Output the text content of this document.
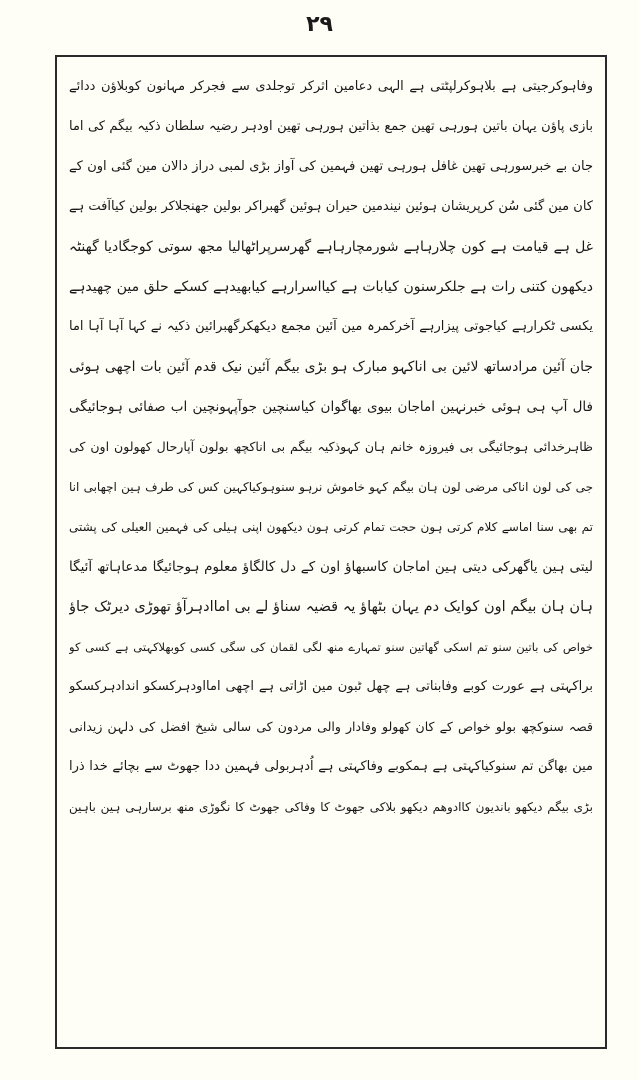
۲۹
وفاہوکرجیتی ہے بلاہوکرلپٹتی ہے الہی دعامین اثرکر توجلدی سے فجرکر مہانون کوبلاؤن ددائے
بازی پاؤن یہان باتین ہورہی تھین جمع بذاتین ہورہی تھین اودہر رضیہ سلطان ذکیہ بیگم کی اما
جان بے خبرسورہی تھین غافل ہورہی تھین فہمین کی آواز بڑی لمبی دراز دالان مین گئی اون کے
کان مین گئی سُن کرپریشان ہوئین نیندمین حیران ہوئین گھبراکر بولین جھنجلاکر بولین کیاآفت ہے
غل ہے قیامت ہے کون چلارہاہے شورمچارہاہے گھرسرپراٹھالیا مجھ سوتی کوجگادیا گھنٹہ
دیکھون کتنی رات ہے جلکرسنون کیابات ہے کیااسرارہے کیابھیدہے کسکے حلق مین چھیدہے
یکسی ٹکرارہے کیاجوتی پیزارہے آخرکمرہ مین آئین مجمع دیکھکرگھبرائین ذکیہ نے کہا آہا آہا اما
جان آئین مرادساتھ لائین بی اناکہو مبارک ہو بڑی بیگم آئین نیک قدم آئین بات اچھی ہوئی
فال آپ ہی ہوئی خبرنہین اماجان بیوی بھاگوان کیاسنچین جوآپہونچین اب صفائی ہوجائیگی
ظاہرخدائی ہوجائیگی بی فیروزہ خانم ہان کہوذکیہ بیگم بی اناکچھ بولون آپارحال کھولون اون کی
جی کی لون اناکی مرضی لون ہان بیگم کہو خاموش نرہو سنوہوکیاکہین کس کی طرف ہین اچھابی انا
تم بھی سنا اماسے کلام کرتی ہون حجت تمام کرتی ہون دیکھون اپنی ہیلی کی فہمین العیلی کی پشتی
لیتی ہین یاگھرکی دیتی ہین اماجان کاسبھاؤ اون کے دل کالگاؤ معلوم ہوجائیگا مدعاہاتھ آئیگا
ہان ہان بیگم اون کوایک دم یہان بٹھاؤ یہ قضیہ سناؤ لے بی اماادہرآؤ تھوڑی دیرٹک جاؤ
خواص کی باتین سنو تم اسکی گھاتین سنو تمہارے منھ لگی لقمان کی سگی کسی کوبھلاکہتی ہے کسی کو
براکہتی ہے عورت کوبے وفابناتی ہے چھل ٹبون مین اڑاتی ہے اچھی امااودہرکسکو اندادہرکسکو
قصہ سنوکچھ بولو خواص کے کان کھولو وفادار والی مردون کی سالی شیخ افضل کی دلہن زیدانی
مین بھاگن تم سنوکیاکہتی ہے ہمکوبے وفاکہتی ہے اُدہربولی فہمین ددا جھوٹ سے بچائے خدا ذرا
بڑی بیگم دیکھو باندیون کاادوھم دیکھو بلاکی جھوٹ کا وفاکی جھوٹ کا نگوڑی منھ برسارہی ہین باہین
